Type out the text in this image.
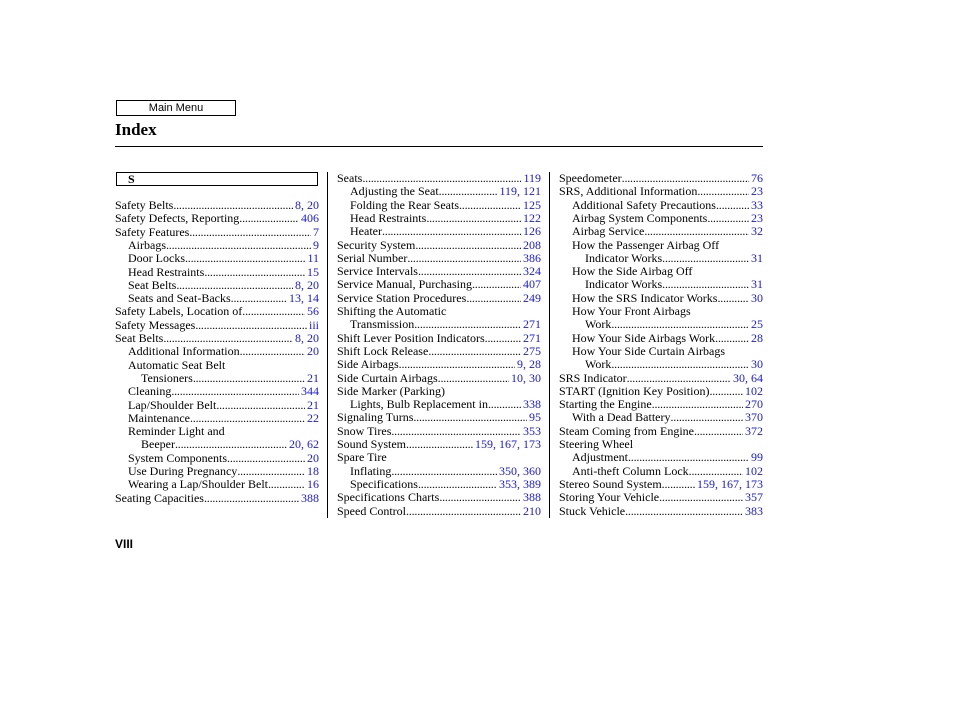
Main Menu
Index
S
Safety Belts . . .	8, 20
Safety Defects, Reporting . . .	406
Safety Features . . .	7
Airbags . . .	9
Door Locks . . .	11
Head Restraints . . .	15
Seat Belts . . .	8, 20
Seats and Seat-Backs . . .	13, 14
Safety Labels, Location of . . .	56
Safety Messages . . .	iii
Seat Belts . . .	8, 20
Additional Information . . .	20
Automatic Seat Belt
Tensioners . . .	21
Cleaning . . .	344
Lap/Shoulder Belt . . .	21
Maintenance . . .	22
Reminder Light and
Beeper . . .	20, 62
System Components . . .	20
Use During Pregnancy . . .	18
Wearing a Lap/Shoulder Belt . . .	16
Seating Capacities . . .	388
Seats . . .	119
Adjusting the Seat . . .	119, 121
Folding the Rear Seats . . .	125
Head Restraints . . .	122
Heater . . .	126
Security System . . .	208
Serial Number . . .	386
Service Intervals . . .	324
Service Manual, Purchasing . . .	407
Service Station Procedures . . .	249
Shifting the Automatic
Transmission . . .	271
Shift Lever Position Indicators . . .	271
Shift Lock Release . . .	275
Side Airbags . . .	9, 28
Side Curtain Airbags . . .	10, 30
Side Marker (Parking)
Lights, Bulb Replacement in . . .	338
Signaling Turns . . .	95
Snow Tires . . .	353
Sound System . . .	159, 167, 173
Spare Tire
Inflating . . .	350, 360
Specifications . . .	353, 389
Specifications Charts . . .	388
Speed Control . . .	210
Speedometer . . .	76
SRS, Additional Information . . .	23
Additional Safety Precautions . . .	33
Airbag System Components . . .	23
Airbag Service . . .	32
How the Passenger Airbag Off
Indicator Works . . .	31
How the Side Airbag Off
Indicator Works . . .	31
How the SRS Indicator Works . . .	30
How Your Front Airbags
Work . . .	25
How Your Side Airbags Work . . .	28
How Your Side Curtain Airbags
Work . . .	30
SRS Indicator . . .	30, 64
START (Ignition Key Position) . . .	102
Starting the Engine . . .	270
With a Dead Battery . . .	370
Steam Coming from Engine . . .	372
Steering Wheel
Adjustment . . .	99
Anti-theft Column Lock . . .	102
Stereo Sound System . . .	159, 167, 173
Storing Your Vehicle . . .	357
Stuck Vehicle . . .	383
VIII
